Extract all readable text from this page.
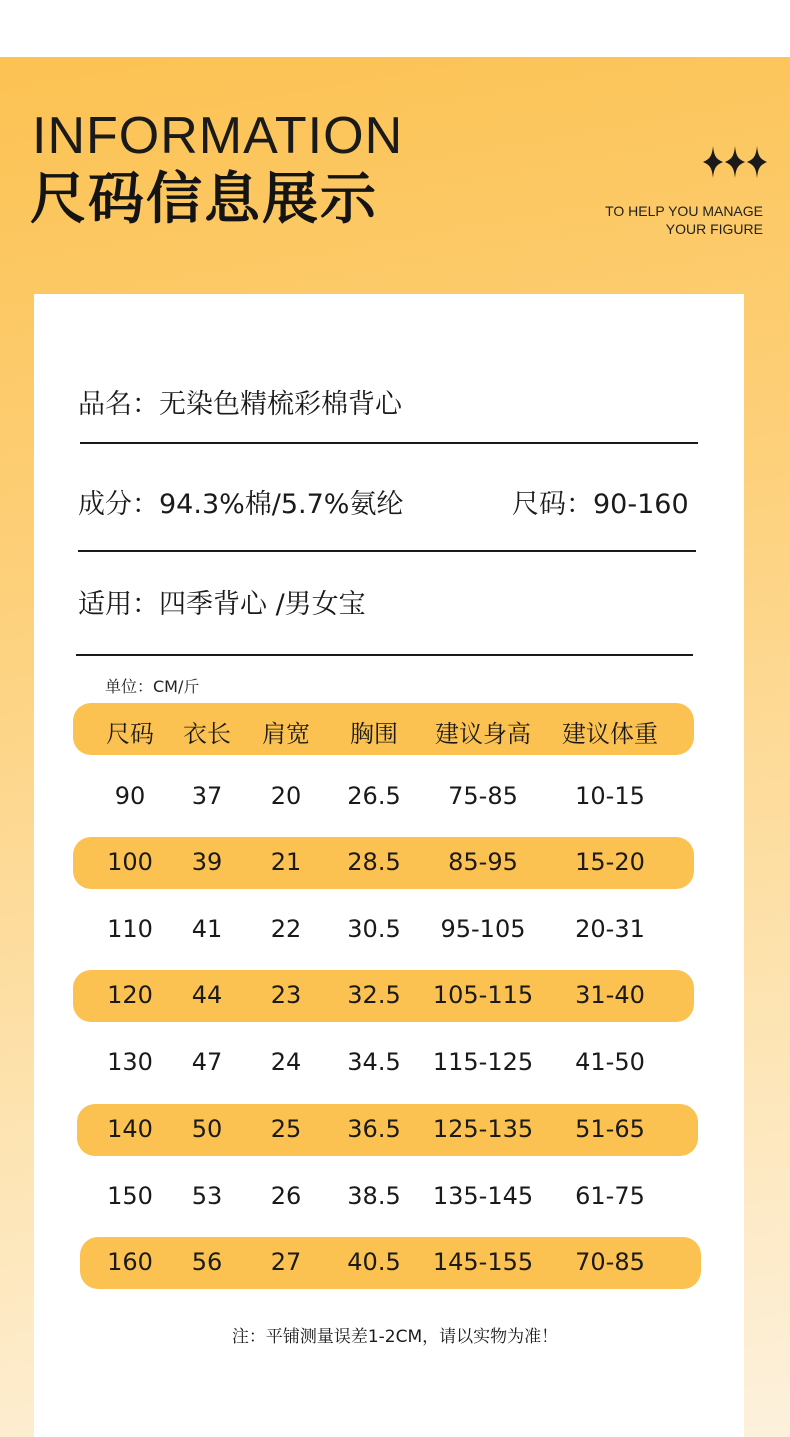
INFORMATION
尺码信息展示	TO HELP YOU MANAGE
YOUR FIGURE
品名：无染色精梳彩棉背心
成分：94.3%棉/5.7%氨纶	尺码：90-160
适用：四季背心 /男女宝
单位：CM/斤
尺码	衣长	肩宽	胸围	建议身高	建议体重
90	37	20	26.5	75-85	10-15
100	39	21	28.5	85-95	15-20
110	41	22	30.5	95-105	20-31
120	44	23	32.5	105-115	31-40
130	47	24	34.5	115-125	41-50
140	50	25	36.5	125-135	51-65
150	53	26	38.5	135-145	61-75
160	56	27	40.5	145-155	70-85
注：平铺测量误差1-2CM，请以实物为准！
